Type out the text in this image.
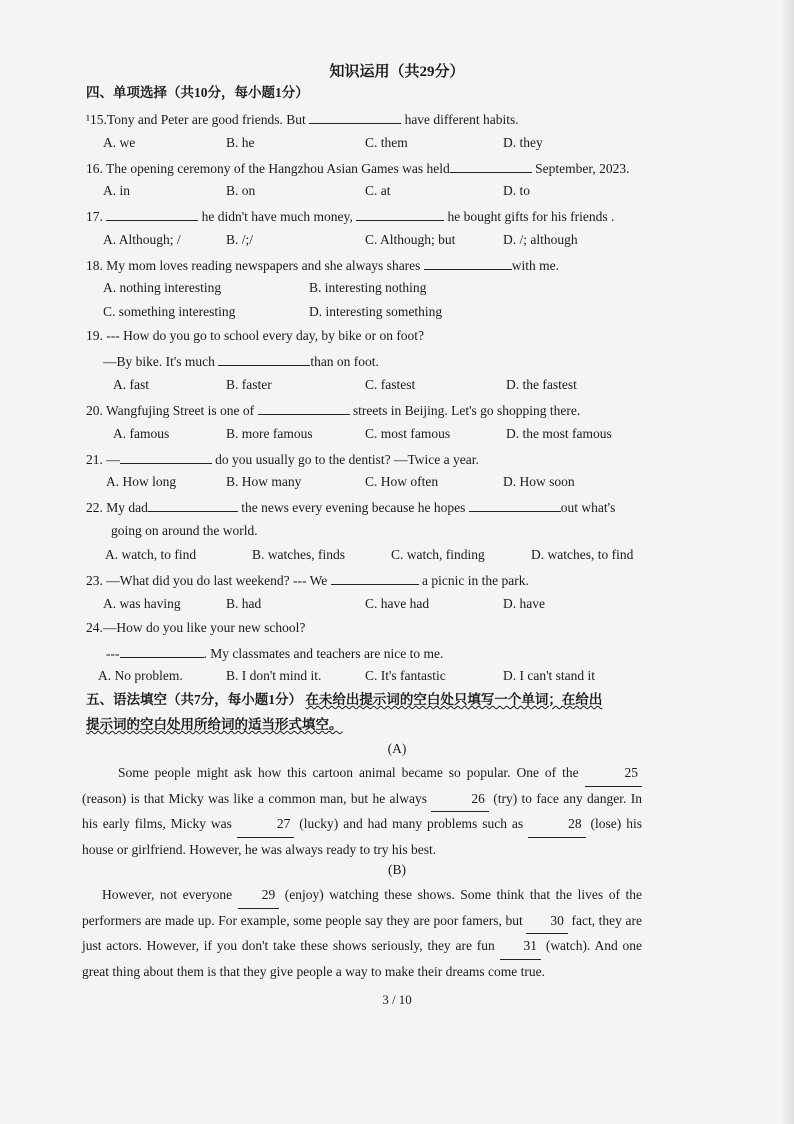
知识运用（共29分）
四、单项选择（共10分，每小题1分）
¹15.Tony and Peter are good friends. But	have different habits.
A. we	B. he	C. them	D. they
16. The opening ceremony of the Hangzhou Asian Games was held	September, 2023.
A. in	B. on	C. at	D. to
17.	he didn't have much money,	he bought gifts for his friends .
A. Although; /	B. /;/	C. Although; but	D. /; although
18. My mom loves reading newspapers and she always shares	with me.
A. nothing interesting	B. interesting nothing
C. something interesting	D. interesting something
19. --- How do you go to school every day, by bike or on foot?
—By bike. It's much	than on foot.
A. fast	B. faster	C. fastest	D. the fastest
20. Wangfujing Street is one of	streets in Beijing. Let's go shopping there.
A. famous	B. more famous	C. most famous	D. the most famous
21. —	do you usually go to the dentist? —Twice a year.
A. How long	B. How many	C. How often	D. How soon
22. My dad	the news every evening because he hopes	out what's
going on around the world.
A. watch, to find	B. watches, finds	C. watch, finding	D. watches, to find
23. —What did you do last weekend? --- We	a picnic in the park.
A. was having	B. had	C. have had	D. have
24.—How do you like your new school?
---	. My classmates and teachers are nice to me.
A. No problem.	B. I don't mind it.	C. It's fantastic	D. I can't stand it
五、语法填空（共7分，每小题1分） 在未给出提示词的空白处只填写一个单词；在给出
提示词的空白处用所给词的适当形式填空。
(A)
Some people might ask how this cartoon animal became so popular. One of the	25 (reason) is that Micky was like a common man, but he always	26 (try) to face any danger. In his early films, Micky was	27 (lucky) and had many problems such as	28 (lose) his house or girlfriend. However, he was always ready to try his best.
(B)
However, not everyone 29 (enjoy) watching these shows. Some think that the lives of the performers are made up. For example, some people say they are poor famers, but 30 fact, they are just actors. However, if you don't take these shows seriously, they are fun 31 (watch). And one great thing about them is that they give people a way to make their dreams come true.
3 / 10
